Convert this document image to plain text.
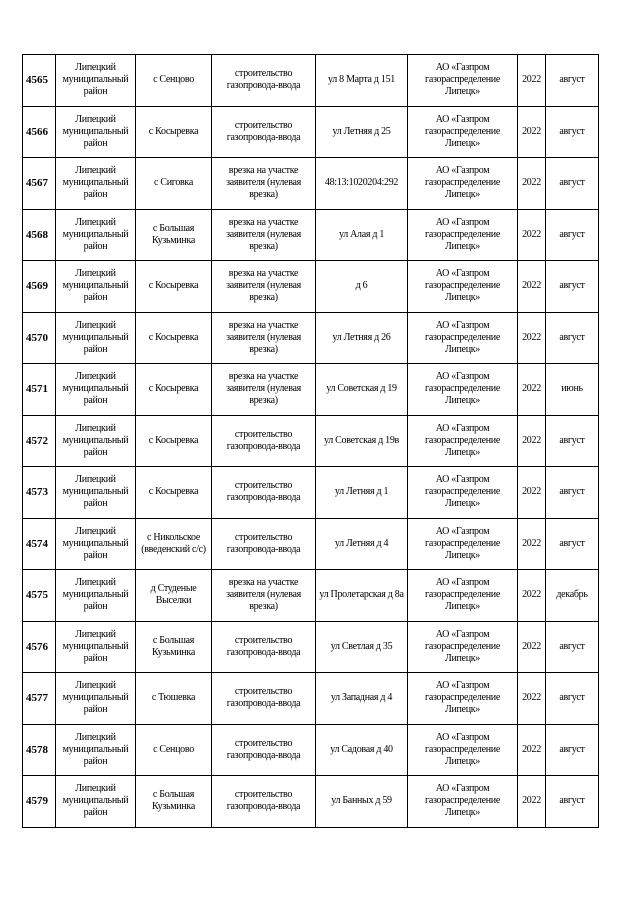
4565	Липецкий муниципальный район	с Сенцово	строительство газопровода-ввода	ул 8 Марта д 151	АО «Газпром газораспределение Липецк»	2022	август
4566	Липецкий муниципальный район	с Косыревка	строительство газопровода-ввода	ул Летняя д 25	АО «Газпром газораспределение Липецк»	2022	август
4567	Липецкий муниципальный район	с Сиговка	врезка на участке заявителя (нулевая врезка)	48:13:1020204:292	АО «Газпром газораспределение Липецк»	2022	август
4568	Липецкий муниципальный район	с Большая Кузьминка	врезка на участке заявителя (нулевая врезка)	ул Алая д 1	АО «Газпром газораспределение Липецк»	2022	август
4569	Липецкий муниципальный район	с Косыревка	врезка на участке заявителя (нулевая врезка)	д 6	АО «Газпром газораспределение Липецк»	2022	август
4570	Липецкий муниципальный район	с Косыревка	врезка на участке заявителя (нулевая врезка)	ул Летняя д 26	АО «Газпром газораспределение Липецк»	2022	август
4571	Липецкий муниципальный район	с Косыревка	врезка на участке заявителя (нулевая врезка)	ул Советская д 19	АО «Газпром газораспределение Липецк»	2022	июнь
4572	Липецкий муниципальный район	с Косыревка	строительство газопровода-ввода	ул Советская д 19в	АО «Газпром газораспределение Липецк»	2022	август
4573	Липецкий муниципальный район	с Косыревка	строительство газопровода-ввода	ул Летняя д 1	АО «Газпром газораспределение Липецк»	2022	август
4574	Липецкий муниципальный район	с Никольское (введенский с/с)	строительство газопровода-ввода	ул Летняя д 4	АО «Газпром газораспределение Липецк»	2022	август
4575	Липецкий муниципальный район	д Студеные Выселки	врезка на участке заявителя (нулевая врезка)	ул Пролетарская д 8а	АО «Газпром газораспределение Липецк»	2022	декабрь
4576	Липецкий муниципальный район	с Большая Кузьминка	строительство газопровода-ввода	ул Светлая д 35	АО «Газпром газораспределение Липецк»	2022	август
4577	Липецкий муниципальный район	с Тюшевка	строительство газопровода-ввода	ул Западная д 4	АО «Газпром газораспределение Липецк»	2022	август
4578	Липецкий муниципальный район	с Сенцово	строительство газопровода-ввода	ул Садовая д 40	АО «Газпром газораспределение Липецк»	2022	август
4579	Липецкий муниципальный район	с Большая Кузьминка	строительство газопровода-ввода	ул Банных д 59	АО «Газпром газораспределение Липецк»	2022	август
